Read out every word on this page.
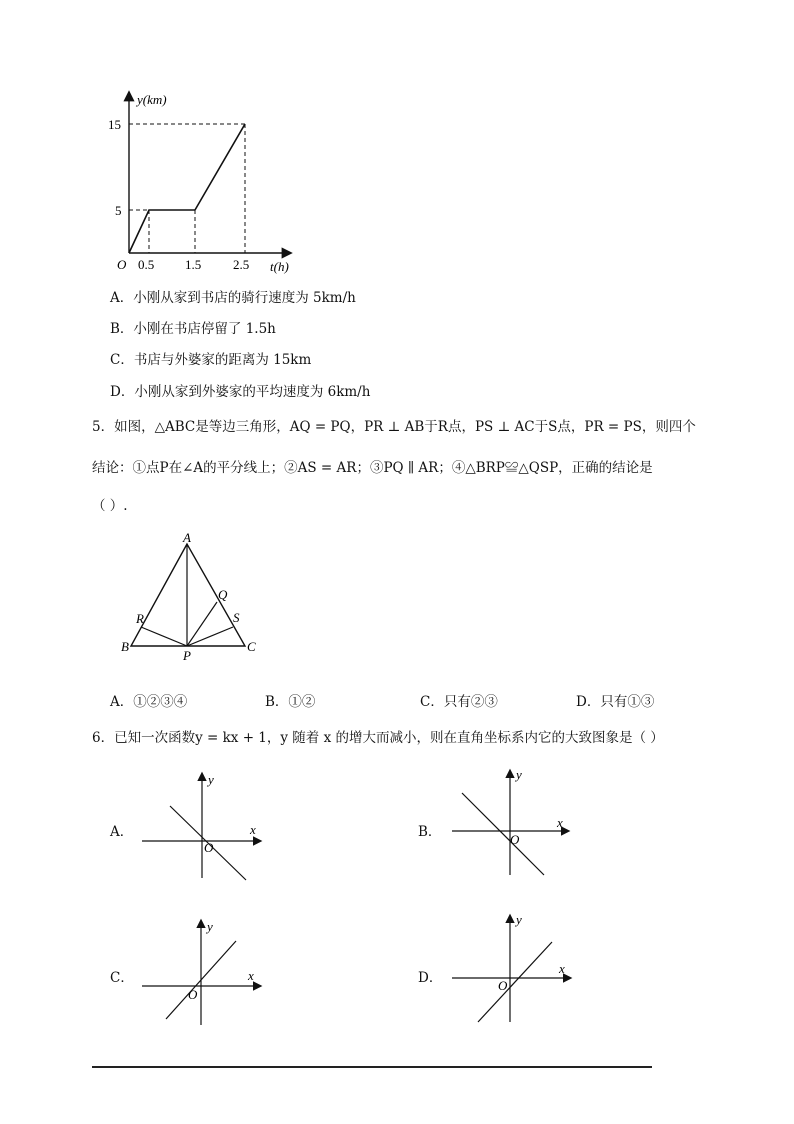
y(km)
15
5
O 0.5 1.5 2.5 t(h)
A．小刚从家到书店的骑行速度为 5km/h
B．小刚在书店停留了 1.5h
C．书店与外婆家的距离为 15km
D．小刚从家到外婆家的平均速度为 6km/h
5．如图，△ABC是等边三角形，AQ = PQ，PR ⊥ AB于R点，PS ⊥ AC于S点，PR = PS，则四个
结论：①点P在∠A的平分线上；②AS = AR；③PQ ∥ AR；④△BRP≌△QSP，正确的结论是
（ ）.
A
B	C
P
Q
R	S
A．①②③④	B．①②	C．只有②③	D．只有①③
6．已知一次函数y = kx + 1，y 随着 x 的增大而减小，则在直角坐标系内它的大致图象是（ ）
A．	x
y
O
B．
x
y
O
C．	x
y
O
D．
x
y
O
